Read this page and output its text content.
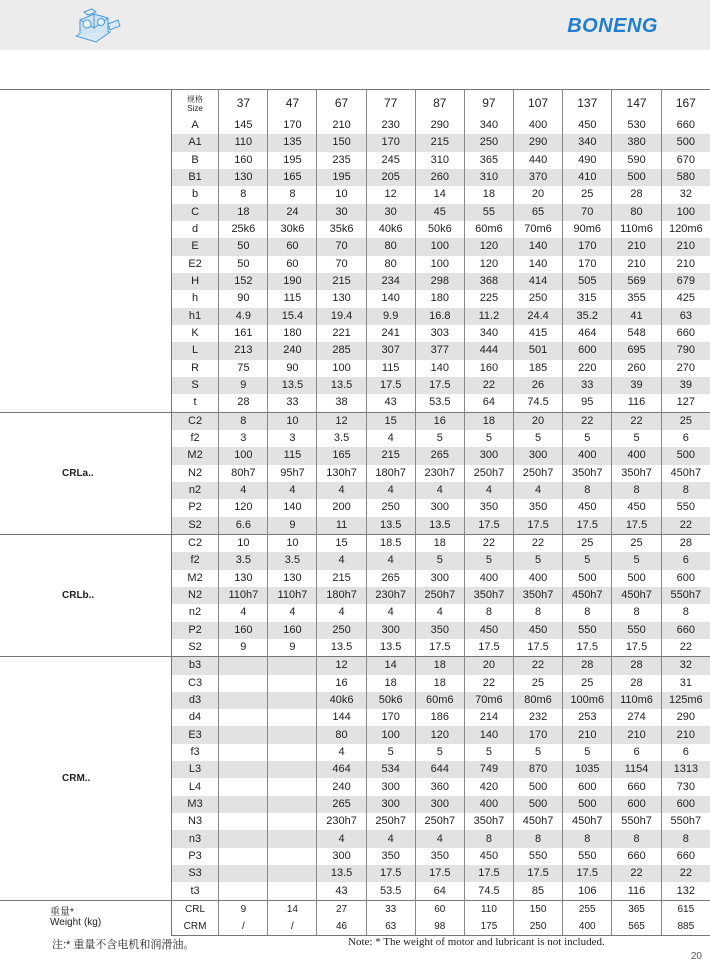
BONENG
	规格
Size	37	47	67	77	87	97	107	137	147	167
	A	145	170	210	230	290	340	400	450	530	660
	A1	110	135	150	170	215	250	290	340	380	500
	B	160	195	235	245	310	365	440	490	590	670
	B1	130	165	195	205	260	310	370	410	500	580
	b	8	8	10	12	14	18	20	25	28	32
	C	18	24	30	30	45	55	65	70	80	100
	d	25k6	30k6	35k6	40k6	50k6	60m6	70m6	90m6	110m6	120m6
	E	50	60	70	80	100	120	140	170	210	210
	E2	50	60	70	80	100	120	140	170	210	210
	H	152	190	215	234	298	368	414	505	569	679
	h	90	115	130	140	180	225	250	315	355	425
	h1	4.9	15.4	19.4	9.9	16.8	11.2	24.4	35.2	41	63
	K	161	180	221	241	303	340	415	464	548	660
	L	213	240	285	307	377	444	501	600	695	790
	R	75	90	100	115	140	160	185	220	260	270
	S	9	13.5	13.5	17.5	17.5	22	26	33	39	39
	t	28	33	38	43	53.5	64	74.5	95	116	127
CRLa..	C2	8	10	12	15	16	18	20	22	22	25
	f2	3	3	3.5	4	5	5	5	5	5	6
	M2	100	115	165	215	265	300	300	400	400	500
	N2	80h7	95h7	130h7	180h7	230h7	250h7	250h7	350h7	350h7	450h7
	n2	4	4	4	4	4	4	4	8	8	8
	P2	120	140	200	250	300	350	350	450	450	550
	S2	6.6	9	11	13.5	13.5	17.5	17.5	17.5	17.5	22
CRLb..	C2	10	10	15	18.5	18	22	22	25	25	28
	f2	3.5	3.5	4	4	5	5	5	5	5	6
	M2	130	130	215	265	300	400	400	500	500	600
	N2	110h7	110h7	180h7	230h7	250h7	350h7	350h7	450h7	450h7	550h7
	n2	4	4	4	4	4	8	8	8	8	8
	P2	160	160	250	300	350	450	450	550	550	660
	S2	9	9	13.5	13.5	17.5	17.5	17.5	17.5	17.5	22
CRM..	b3			12	14	18	20	22	28	28	32
	C3			16	18	18	22	25	25	28	31
	d3			40k6	50k6	60m6	70m6	80m6	100m6	110m6	125m6
	d4			144	170	186	214	232	253	274	290
	E3			80	100	120	140	170	210	210	210
	f3			4	5	5	5	5	5	6	6
	L3			464	534	644	749	870	1035	1154	1313
	L4			240	300	360	420	500	600	660	730
	M3			265	300	300	400	500	500	600	600
	N3			230h7	250h7	250h7	350h7	450h7	450h7	550h7	550h7
	n3			4	4	4	8	8	8	8	8
	P3			300	350	350	450	550	550	660	660
	S3			13.5	17.5	17.5	17.5	17.5	17.5	22	22
	t3			43	53.5	64	74.5	85	106	116	132
重量*
Weight (kg)	CRL	9	14	27	33	60	110	150	255	365	615
	CRM	/	/	46	63	98	175	250	400	565	885
注:* 重量不含电机和润滑油。	Note: * The weight of motor and lubricant is not included.
20
